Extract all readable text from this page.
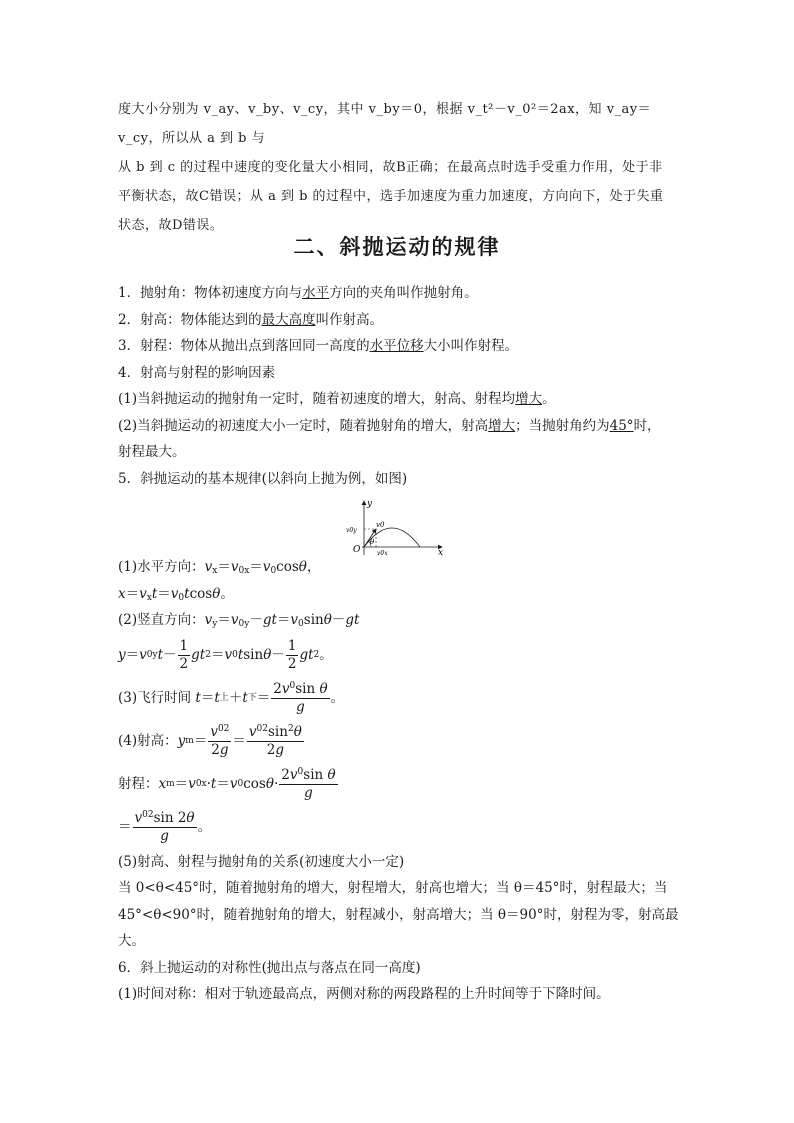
度大小分别为 v_ay、v_by、v_cy，其中 v_by＝0，根据 v_t²－v_0²＝2ax，知 v_ay＝v_cy，所以从 a 到 b 与

从 b 到 c 的过程中速度的变化量大小相同，故B正确；在最高点时选手受重力作用，处于非

平衡状态，故C错误；从 a 到 b 的过程中，选手加速度为重力加速度，方向向下，处于失重

状态，故D错误。

二、斜抛运动的规律
1．抛射角：物体初速度方向与水平方向的夹角叫作抛射角。
2．射高：物体能达到的最大高度叫作射高。
3．射程：物体从抛出点到落回同一高度的水平位移大小叫作射程。
4．射高与射程的影响因素
(1)当斜抛运动的抛射角一定时，随着初速度的增大，射高、射程均增大。
(2)当斜抛运动的初速度大小一定时，随着抛射角的增大，射高增大；当抛射角约为45°时，
射程最大。
5．斜抛运动的基本规律(以斜向上抛为例，如图)
(1)水平方向：$v_x=v_{0x}=v_0\cos\theta$，
$x=v_xt=v_0tcos\theta$。
(2)竖直方向：$v_y=v_{0y}-gt=v_0\sin\theta-gt$
y ＝ v 0y $t - \frac{1}{2}$ gt 2 ＝ v 0 t $\sin \theta - \frac{1}{2}$ gt 2 。
(3)飞行时间
t ＝ t 上 ＋ t 下 ＝ $\frac{2v^0\sin \theta}{g}$ 。
(4)射高： y $m = \frac{v^{02}}{2g} = \frac{v^{02}\sin^2\theta}{2g}$
射程： x m ＝ v 0x · t ＝ v 0 $\cos \theta \cdot \frac{2v^0\sin \theta}{g}$
＝ $\frac{v^{02}\sin 2\theta}{g}$ 。
(5)射高、射程与抛射角的关系(初速度大小一定)
当 0<θ<45°时，随着抛射角的增大，射程增大，射高也增大；当 θ＝45°时，射程最大；当
45°<θ<90°时，随着抛射角的增大，射程减小，射高增大；当 θ＝90°时，射程为零，射高最
大。
6．斜上抛运动的对称性(抛出点与落点在同一高度)
(1)时间对称：相对于轨迹最高点，两侧对称的两段路程的上升时间等于下降时间。
y
x
O
v0
v0y
v0x
θ
